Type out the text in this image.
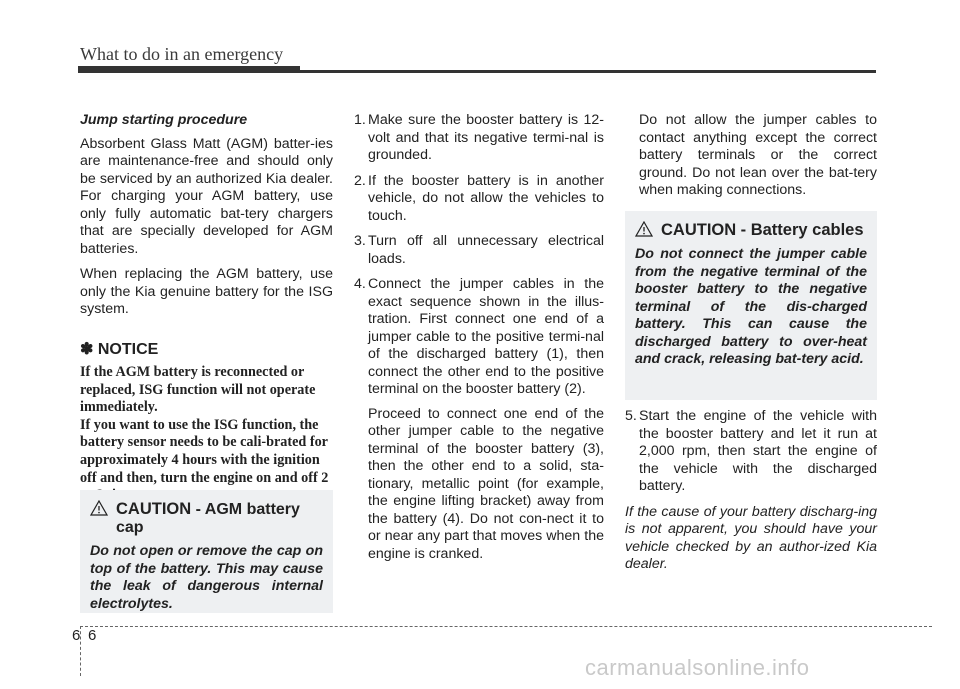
What to do in an emergency
Jump starting procedure

Absorbent Glass Matt (AGM) batter-ies are maintenance-free and should only be serviced by an authorized Kia dealer. For charging your AGM battery, use only fully automatic bat-tery chargers that are specially developed for AGM batteries.

When replacing the AGM battery, use only the Kia genuine battery for the ISG system.

✽ NOTICE
If the AGM battery is reconnected or replaced, ISG function will not operate immediately.
If you want to use the ISG function, the battery sensor needs to be cali-brated for approximately 4 hours with the ignition off and then, turn the engine on and off 2
CAUTION - AGM battery cap
Do not open or remove the cap on top of the battery. This may cause the leak of dangerous internal electrolytes.
1. Make sure the booster battery is 12-volt and that its negative termi-nal is grounded.
2. If the booster battery is in another vehicle, do not allow the vehicles to touch.
3. Turn off all unnecessary electrical loads.
4. Connect the jumper cables in the exact sequence shown in the illus-tration. First connect one end of a jumper cable to the positive termi-nal of the discharged battery (1), then connect the other end to the positive terminal on the booster battery (2).
Proceed to connect one end of the other jumper cable to the negative terminal of the booster battery (3), then the other end to a solid, sta-tionary, metallic point (for example, the engine lifting bracket) away from the battery (4). Do not con-nect it to or near any part that moves when the engine is cranked.
Do not allow the jumper cables to contact anything except the correct battery terminals or the correct ground. Do not lean over the bat-tery when making connections.
CAUTION - Battery cables
Do not connect the jumper cable from the negative terminal of the booster battery to the negative terminal of the dis-charged battery. This can cause the discharged battery to over-heat and crack, releasing bat-tery acid.
5. Start the engine of the vehicle with the booster battery and let it run at 2,000 rpm, then start the engine of the vehicle with the discharged battery.

If the cause of your battery discharg-ing is not apparent, you should have your vehicle checked by an author-ized Kia dealer.

6 6
carmanualsonline.info
